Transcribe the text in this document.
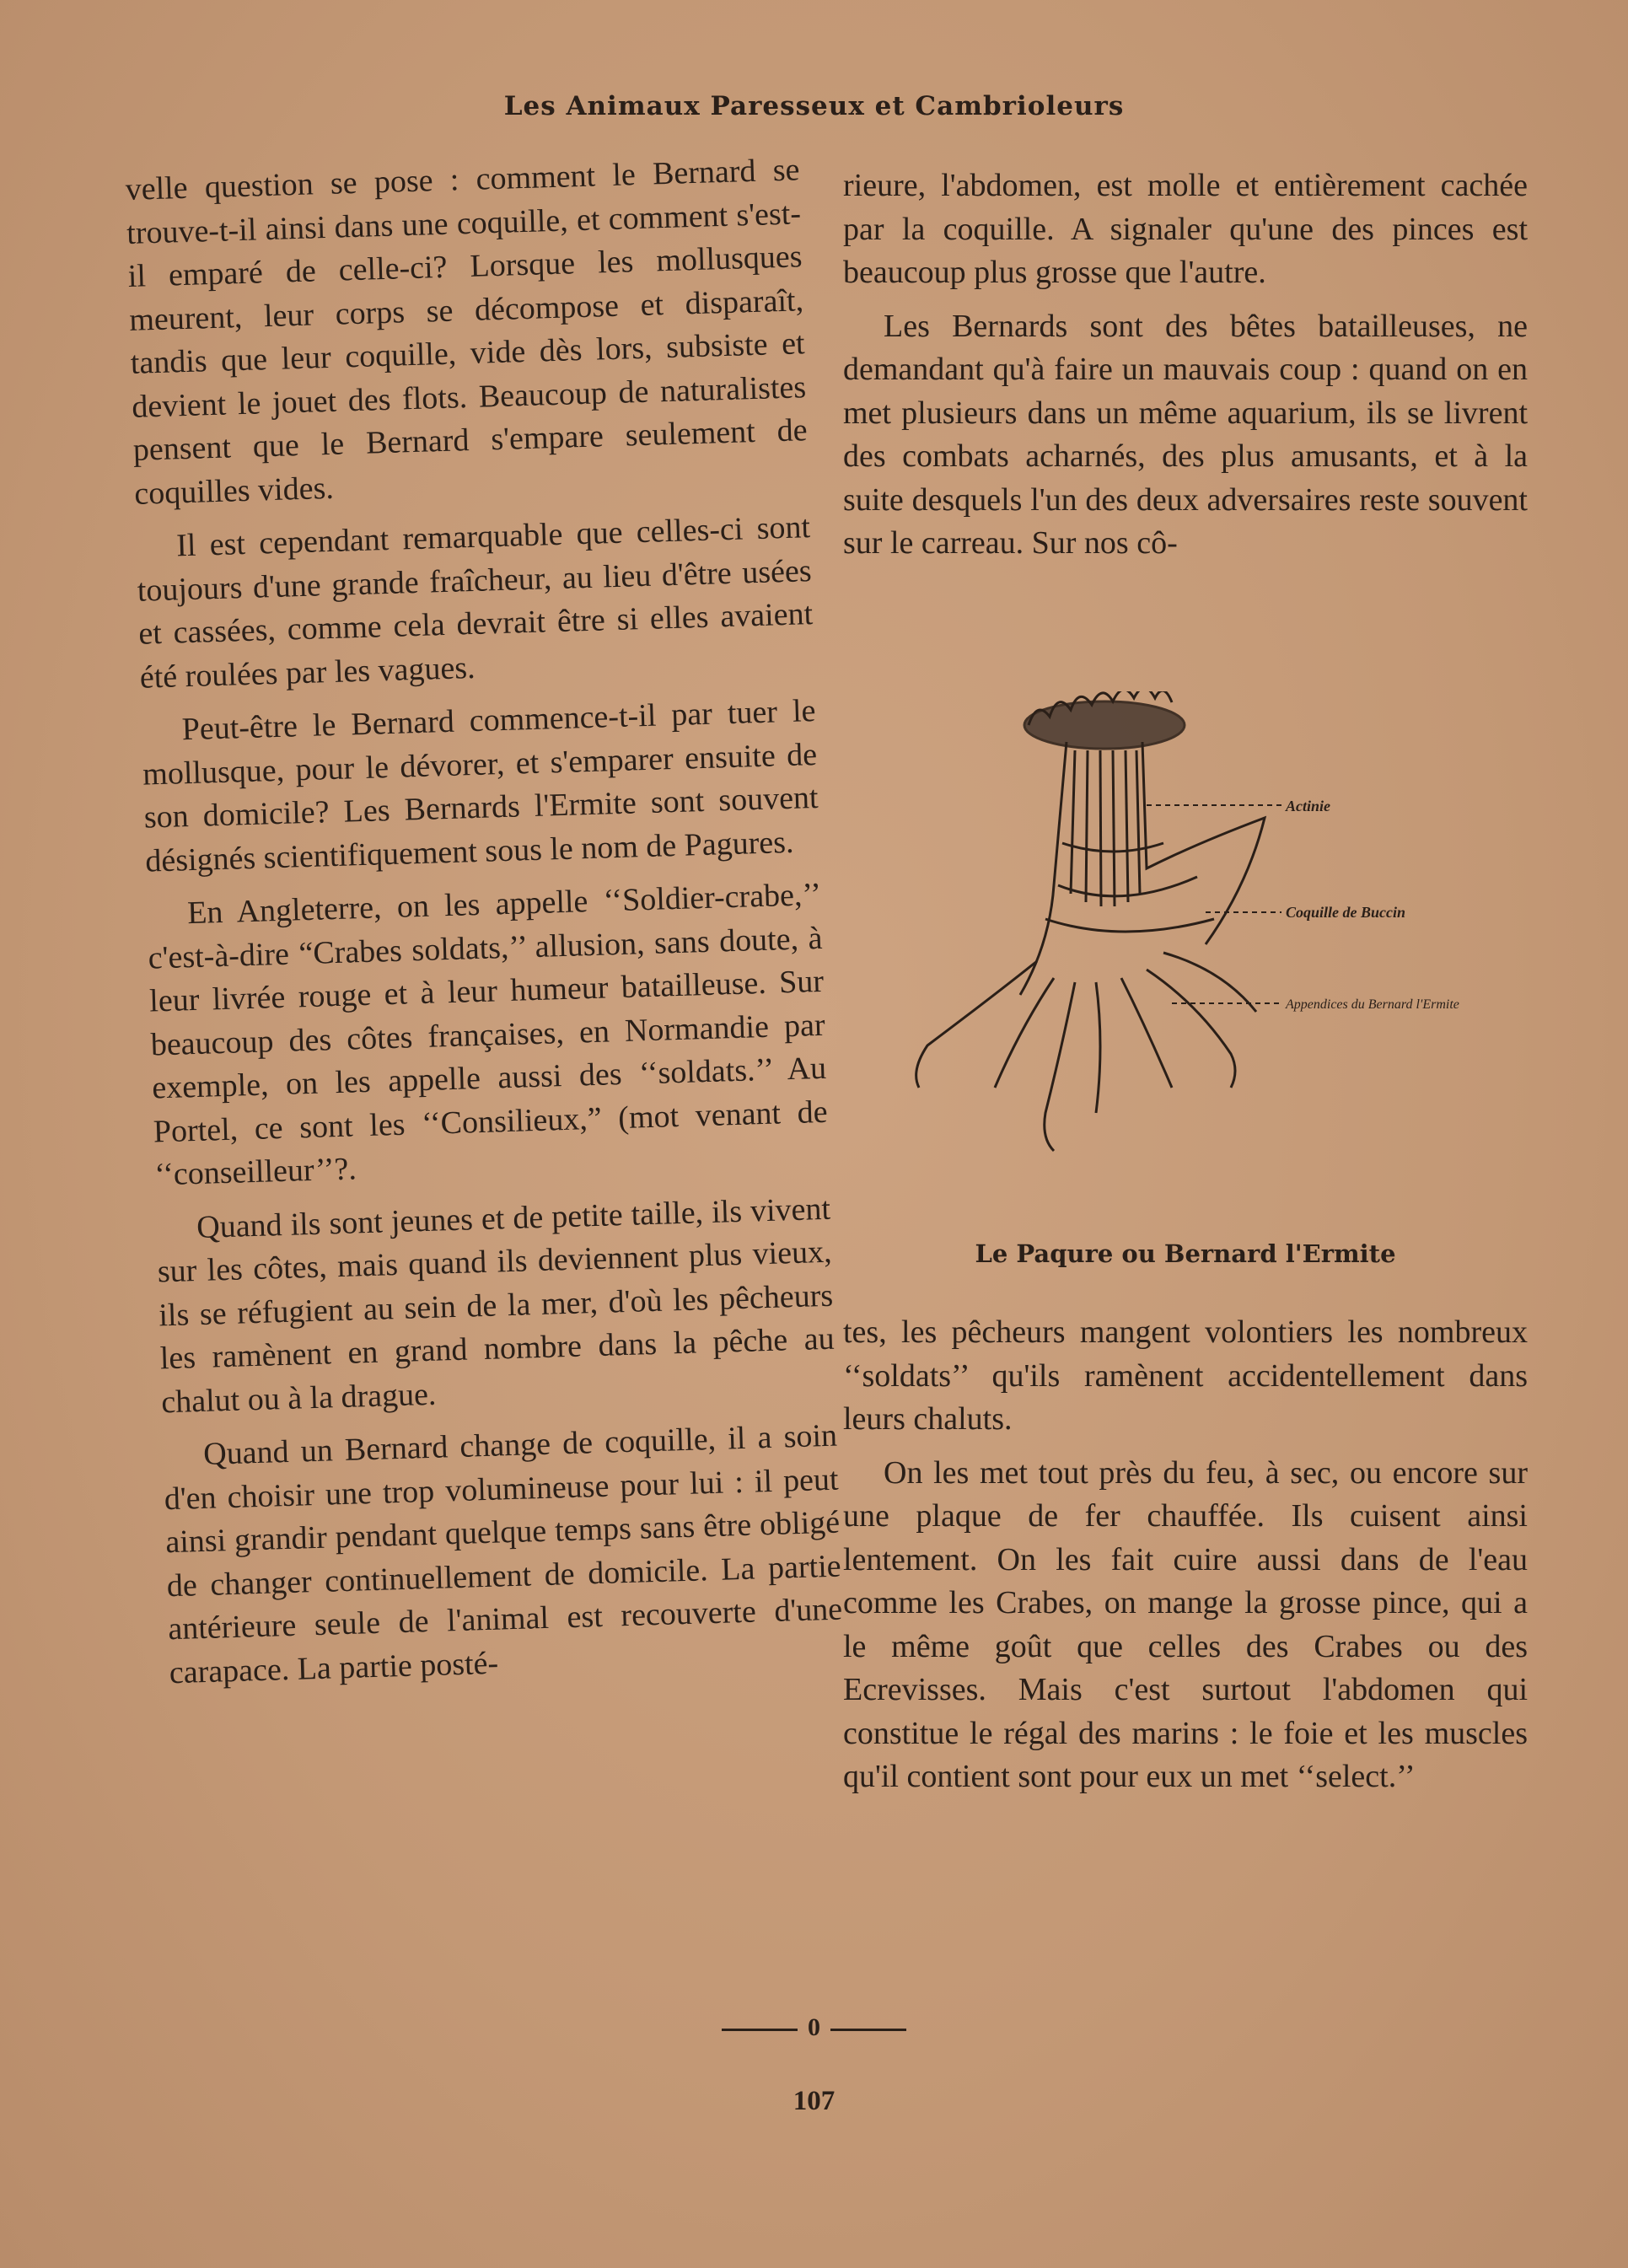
Les Animaux Paresseux et Cambrioleurs

velle question se pose : comment le Bernard se trouve-t-il ainsi dans une coquille, et comment s'est-il emparé de celle-ci? Lorsque les mollusques meurent, leur corps se décompose et disparaît, tandis que leur coquille, vide dès lors, subsiste et devient le jouet des flots. Beaucoup de naturalistes pensent que le Bernard s'empare seulement de coquilles vides.

Il est cependant remarquable que celles-ci sont toujours d'une grande fraîcheur, au lieu d'être usées et cassées, comme cela devrait être si elles avaient été roulées par les vagues.

Peut-être le Bernard commence-t-il par tuer le mollusque, pour le dévorer, et s'emparer ensuite de son domicile? Les Bernards l'Ermite sont souvent désignés scientifiquement sous le nom de Pagures.

En Angleterre, on les appelle ‘‘Soldier-crabe,’’ c'est-à-dire “Crabes soldats,’’ allusion, sans doute, à leur livrée rouge et à leur humeur batailleuse. Sur beaucoup des côtes françaises, en Normandie par exemple, on les appelle aussi des ‘‘soldats.’’ Au Portel, ce sont les ‘‘Consilieux,” (mot venant de ‘‘conseilleur’’?.

Quand ils sont jeunes et de petite taille, ils vivent sur les côtes, mais quand ils deviennent plus vieux, ils se réfugient au sein de la mer, d'où les pêcheurs les ramènent en grand nombre dans la pêche au chalut ou à la drague.

Quand un Bernard change de coquille, il a soin d'en choisir une trop volumineuse pour lui : il peut ainsi grandir pendant quelque temps sans être obligé de changer continuellement de domicile. La partie antérieure seule de l'animal est recouverte d'une carapace. La partie posté-

rieure, l'abdomen, est molle et entièrement cachée par la coquille. A signaler qu'une des pinces est beaucoup plus grosse que l'autre.

Les Bernards sont des bêtes batailleuses, ne demandant qu'à faire un mauvais coup : quand on en met plusieurs dans un même aquarium, ils se livrent des combats acharnés, des plus amusants, et à la suite desquels l'un des deux adversaires reste souvent sur le carreau. Sur nos cô-

Actinie
Coquille de Buccin
Appendices du Bernard l'Ermite
Le Paqure ou Bernard l'Ermite

tes, les pêcheurs mangent volontiers les nombreux ‘‘soldats’’ qu'ils ramènent accidentellement dans leurs chaluts.

On les met tout près du feu, à sec, ou encore sur une plaque de fer chauffée. Ils cuisent ainsi lentement. On les fait cuire aussi dans de l'eau comme les Crabes, on mange la grosse pince, qui a le même goût que celles des Crabes ou des Ecrevisses. Mais c'est surtout l'abdomen qui constitue le régal des marins : le foie et les muscles qu'il contient sont pour eux un met ‘‘select.’’

0
107
